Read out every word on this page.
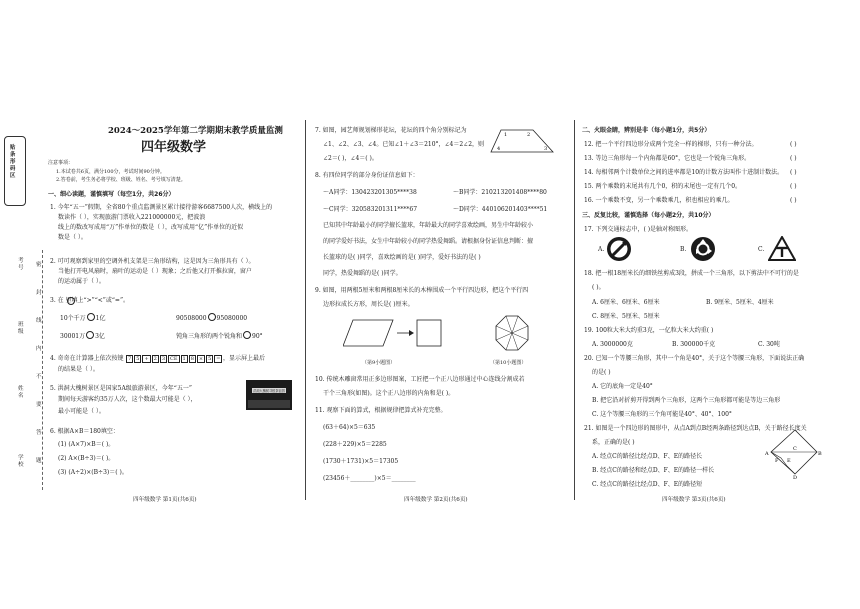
贴条形码区
考号
班级
姓名
学校
密
封
线
内
不
要
答
题
2024～2025学年第二学期期末教学质量监测
四年级数学
注意事项：
1.本试卷共6页，满分100分，考试时间90分钟。
2.答卷前，考生务必将学校、班级、姓名、考号填写清楚。
一、细心读题，谨慎填写（每空1分，共26分）
1. 今年“五一”假期，全省80个重点监测景区累计接待游客6687500人次，横线上的
数读作（ ），实现旅游门票收入221000000元，把波浪
线上的数改写成用“万”作单位的数是（ ），改写成用“亿”作单位的近似
数是（ ）。
2. 可可观察到家里的空调外机支架是三角形结构，这是因为三角形具有（ ）。
当他打开电风扇时，扇叶的运动是（ ）现象；之后他又打开推拉窗，窗户
的运动属于（ ）。
3. 在 里填上“>”“<”或“=”。
10个千万 1亿	90508000 95080000
30001万 3亿	钝角三角形的两个锐角和 90°
4. 奇奇在计算器上依次按键 7 5 + 2 3 CE 1 8 × 5 = ，显示屏上最后
的结果是（ ）。
5. 洪洞大槐树景区是国家5A级旅游景区，今年“五一”
期间每天游客约35万人次，这个数最大可能是（ ），
最小可能是（ ）。
洪洞大槐树寻根祭祖园
6. 根据A×B＝180填空：
(1) (A×7)×B＝( )。
(2) A×(B÷3)＝( )。
(3) (A÷2)×(B÷3)＝( )。
四年级数学 第1页(共6页)
7. 如图，园艺师规划梯形花坛，花坛的四个角分别标记为
∠1、∠2、∠3、∠4。已知∠1＋∠3＝210°，∠4＝2∠2，则
∠2＝( )，∠4＝( )。
1	2
3
4
8. 有四位同学的部分身份证信息如下：
～A同学：130423201305****38	～B同学：210213201408****80
～C同学：320583201311****67	～D同学：440106201403****51
已知其中年龄最小的同学擅长篮球，年龄最大的同学喜欢绘画，男生中年龄较小
的同学爱好书法，女生中年龄较小的同学热爱舞蹈。请根据身份证信息判断：擅
长篮球的是( )同学，喜欢绘画的是( )同学，爱好书法的是( )
同学，热爱舞蹈的是( )同学。
9. 如图，用两根5厘米和两根8厘米长的木棒围成一个平行四边形，把这个平行四
边形拉成长方形，周长是( )厘米。
（第9小题图）	（第10小题图）
10. 传统木雕窗常用正多边形图案，工匠把一个正八边形通过中心连线分割成若
干个三角形(如图)。这个正八边形的内角和是( )。
11. 观察下面的算式，根据规律把算式补充完整。
(63＋64)×5＝635
(228＋229)×5＝2285
(1730＋1731)×5＝17305
(23456＋________)×5＝________
四年级数学 第2页(共6页)
二、火眼金睛，辨别是非（每小题1分，共5分）
12. 把一个平行四边形分成两个完全一样的梯形，只有一种分法。
13. 等边三角形每一个内角都是60°，它也是一个锐角三角形。
14. 每相邻两个计数单位之间的进率都是10的计数方法叫作十进制计数法。
15. 两个乘数的末尾共有几个0，积的末尾也一定有几个0。
16. 一个乘数不变，另一个乘数乘几，积也相应的乘几。
( )
( )
( )
( )
( )
三、反复比较，谨慎选择（每小题2分，共10分）
17. 下列交通标志中，( )是轴对称图形。
A.	B.	C.
18. 把一根18厘米长的细铁丝剪成3段，拼成一个三角形，以下剪法中不可行的是
( )。
A. 6厘米、6厘米、6厘米	B. 9厘米、5厘米、4厘米
C. 8厘米、5厘米、5厘米
19. 100粒大米大约重3克，一亿粒大米大约重( )
A. 3000000克	B. 300000千克	C. 30吨
20. 已知一个等腰三角形，其中一个角是40°，关于这个等腰三角形，下面说法正确
的是( )
A. 它的底角一定是40°
B. 把它沿对折剪开得到两个三角形，这两个三角形都可能是等边三角形
C. 这个等腰三角形的三个角可能是40°、40°、100°
21. 如图是一个四边形的图形中，从点A到点B经两条路径到达点B，关于路径长度关
系，正确的是( )
A. 经点C的路径比经点D、F、E的路径长
B. 经点C的路径和经点D、F、E的路径一样长
C. 经点C的路径比经点D、F、E的路径短
A
C
B
D
E
F
四年级数学 第3页(共6页)
